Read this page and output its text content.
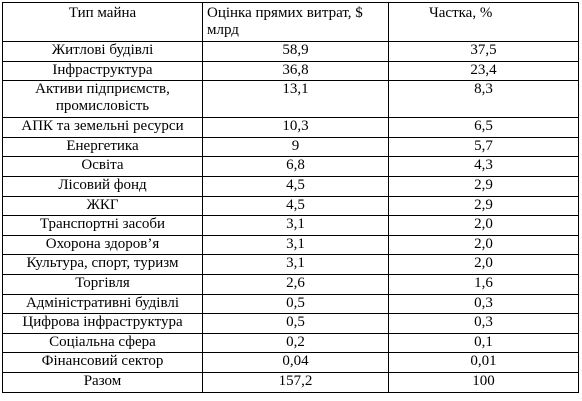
Тип майна	Оцінка прямих витрат, $ млрд	Частка, %
Житлові будівлі	58,9	37,5
Інфраструктура	36,8	23,4
Активи підприємств, промисловість	13,1	8,3
АПК та земельні ресурси	10,3	6,5
Енергетика	9	5,7
Освіта	6,8	4,3
Лісовий фонд	4,5	2,9
ЖКГ	4,5	2,9
Транспортні засоби	3,1	2,0
Охорона здоров’я	3,1	2,0
Культура, спорт, туризм	3,1	2,0
Торгівля	2,6	1,6
Адміністративні будівлі	0,5	0,3
Цифрова інфраструктура	0,5	0,3
Соціальна сфера	0,2	0,1
Фінансовий сектор	0,04	0,01
Разом	157,2	100
